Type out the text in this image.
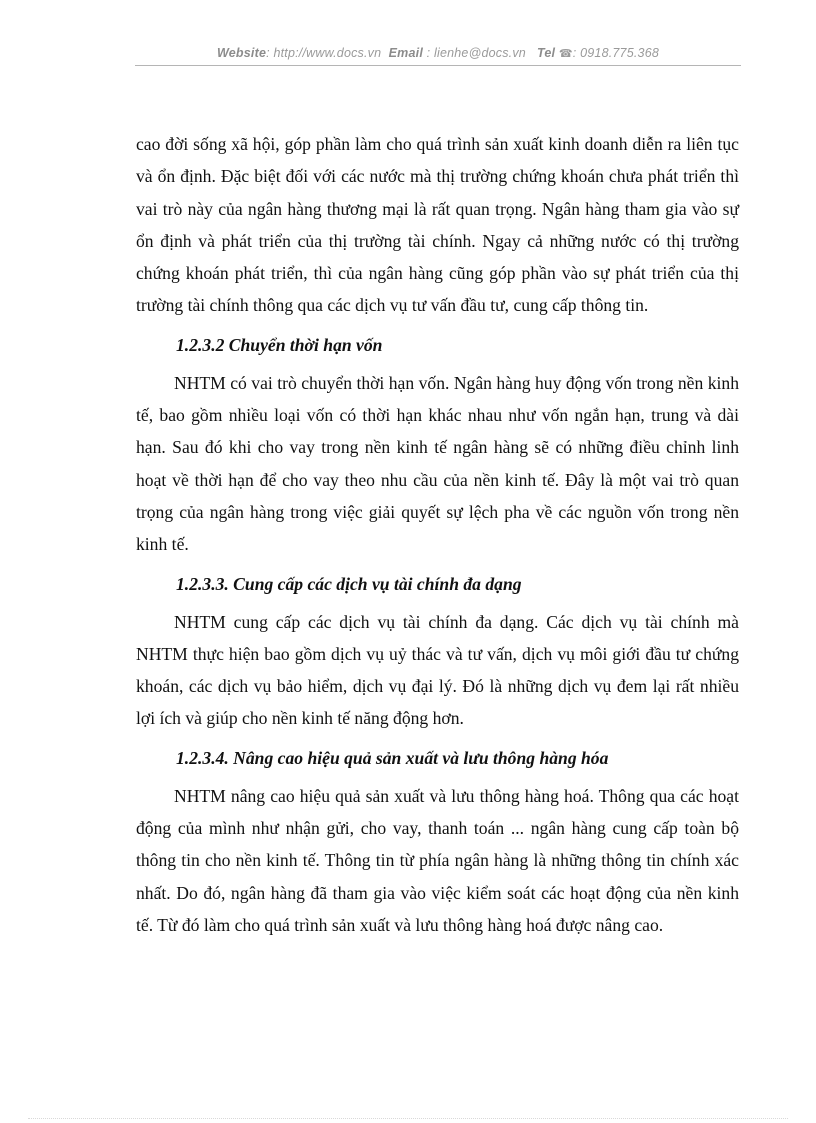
Website: http://www.docs.vn Email : lienhe@docs.vn Tel ☎: 0918.775.368

cao đời sống xã hội, góp phần làm cho quá trình sản xuất kinh doanh diễn ra liên tục và ổn định. Đặc biệt đối với các nước mà thị trường chứng khoán chưa phát triển thì vai trò này của ngân hàng thương mại là rất quan trọng. Ngân hàng tham gia vào sự ổn định và phát triển của thị trường tài chính. Ngay cả những nước có thị trường chứng khoán phát triển, thì của ngân hàng cũng góp phần vào sự phát triển của thị trường tài chính thông qua các dịch vụ tư vấn đầu tư, cung cấp thông tin.

1.2.3.2 Chuyển thời hạn vốn

NHTM có vai trò chuyển thời hạn vốn. Ngân hàng huy động vốn trong nền kinh tế, bao gồm nhiều loại vốn có thời hạn khác nhau như vốn ngắn hạn, trung và dài hạn. Sau đó khi cho vay trong nền kinh tế ngân hàng sẽ có những điều chỉnh linh hoạt về thời hạn để cho vay theo nhu cầu của nền kinh tế. Đây là một vai trò quan trọng của ngân hàng trong việc giải quyết sự lệch pha về các nguồn vốn trong nền kinh tế.

1.2.3.3. Cung cấp các dịch vụ tài chính đa dạng

NHTM cung cấp các dịch vụ tài chính đa dạng. Các dịch vụ tài chính mà NHTM thực hiện bao gồm dịch vụ uỷ thác và tư vấn, dịch vụ môi giới đầu tư chứng khoán, các dịch vụ bảo hiểm, dịch vụ đại lý. Đó là những dịch vụ đem lại rất nhiều lợi ích và giúp cho nền kinh tế năng động hơn.

1.2.3.4. Nâng cao hiệu quả sản xuất và lưu thông hàng hóa

NHTM nâng cao hiệu quả sản xuất và lưu thông hàng hoá. Thông qua các hoạt động của mình như nhận gửi, cho vay, thanh toán ... ngân hàng cung cấp toàn bộ thông tin cho nền kinh tế. Thông tin từ phía ngân hàng là những thông tin chính xác nhất. Do đó, ngân hàng đã tham gia vào việc kiểm soát các hoạt động của nền kinh tế. Từ đó làm cho quá trình sản xuất và lưu thông hàng hoá được nâng cao.
